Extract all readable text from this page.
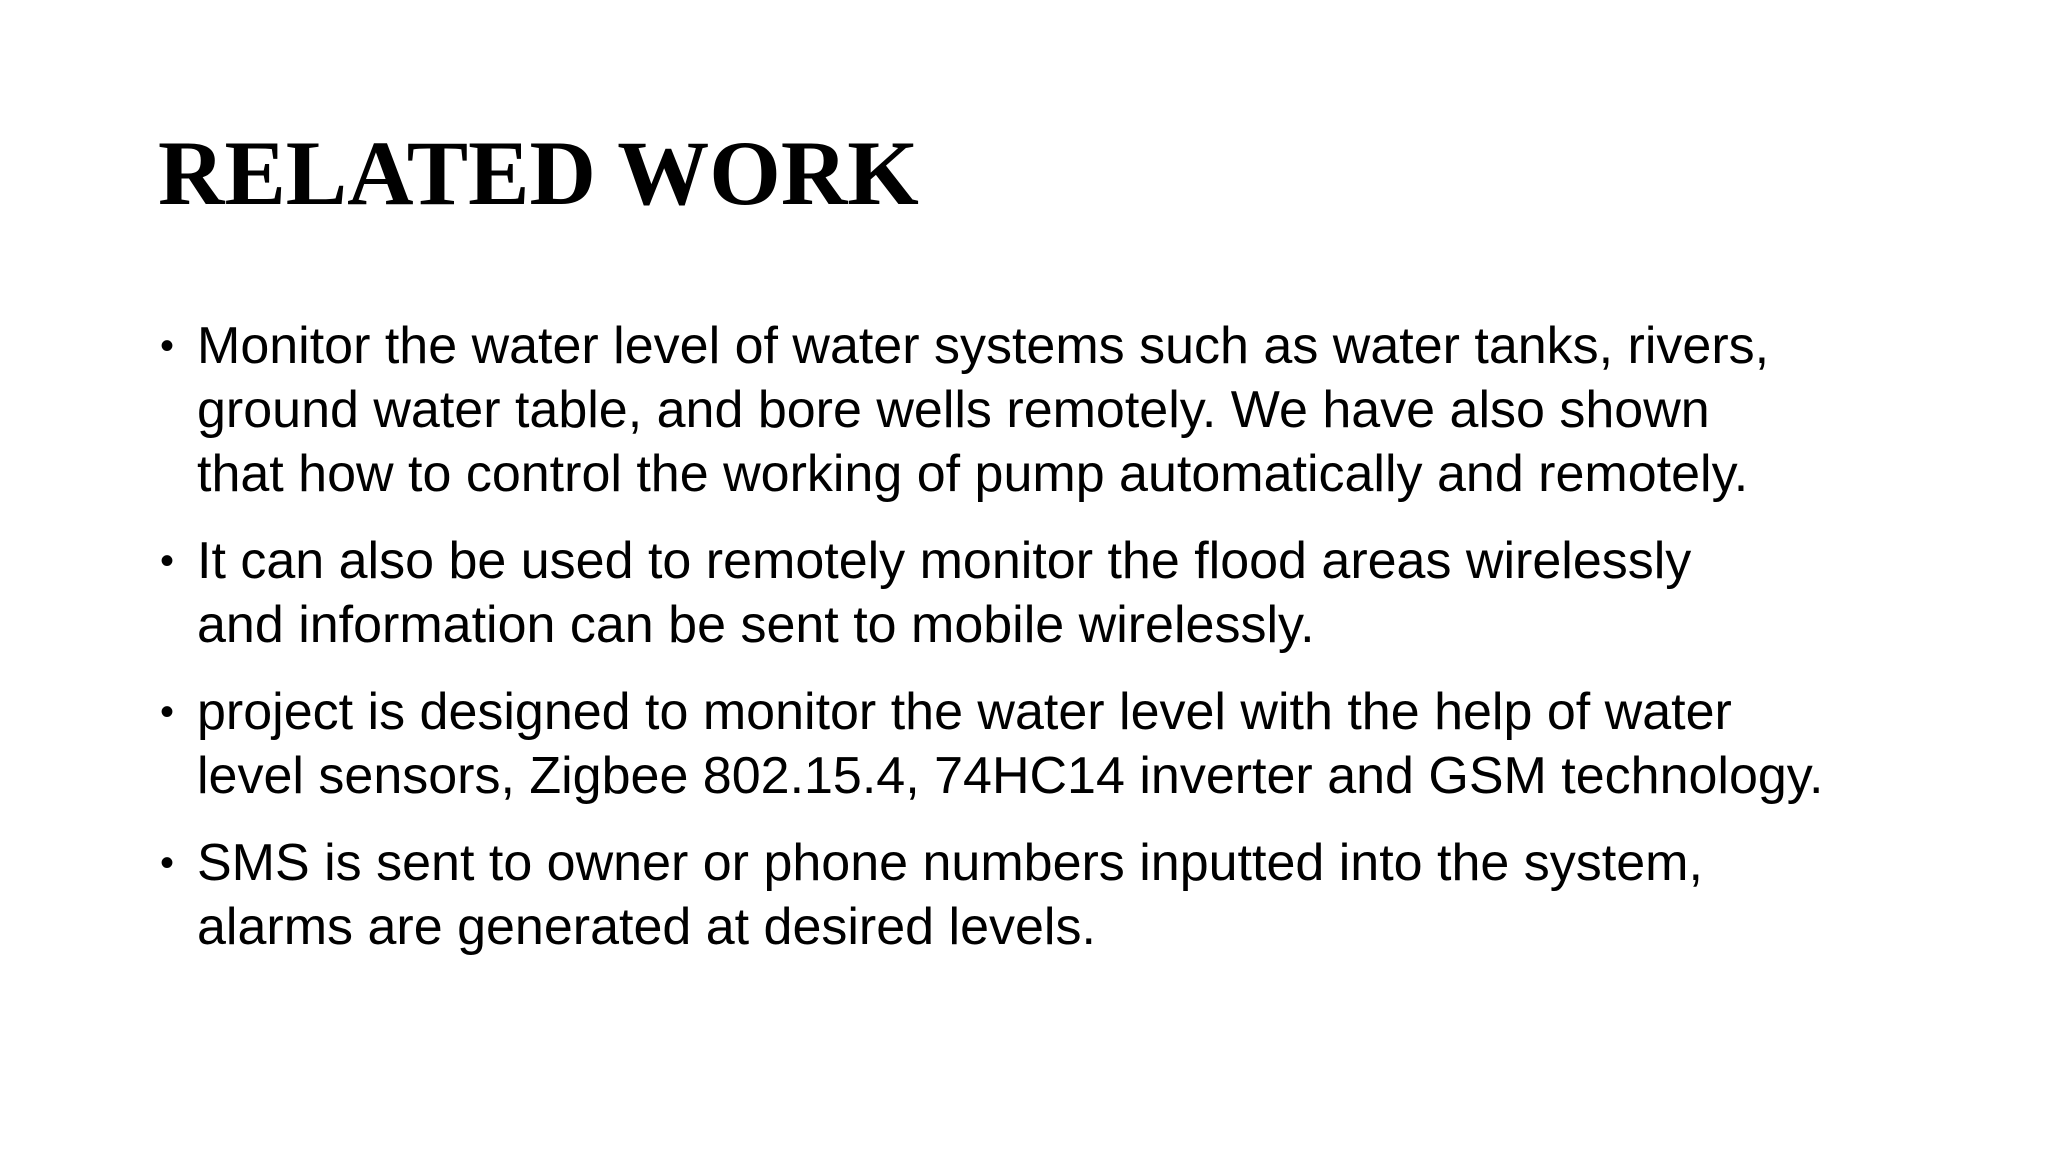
RELATED WORK
• Monitor the water level of water systems such as water tanks, rivers,
ground water table, and bore wells remotely. We have also shown
that how to control the working of pump automatically and remotely.
• It can also be used to remotely monitor the flood areas wirelessly
and information can be sent to mobile wirelessly.
• project is designed to monitor the water level with the help of water
level sensors, Zigbee 802.15.4, 74HC14 inverter and GSM technology.
• SMS is sent to owner or phone numbers inputted into the system,
alarms are generated at desired levels.
